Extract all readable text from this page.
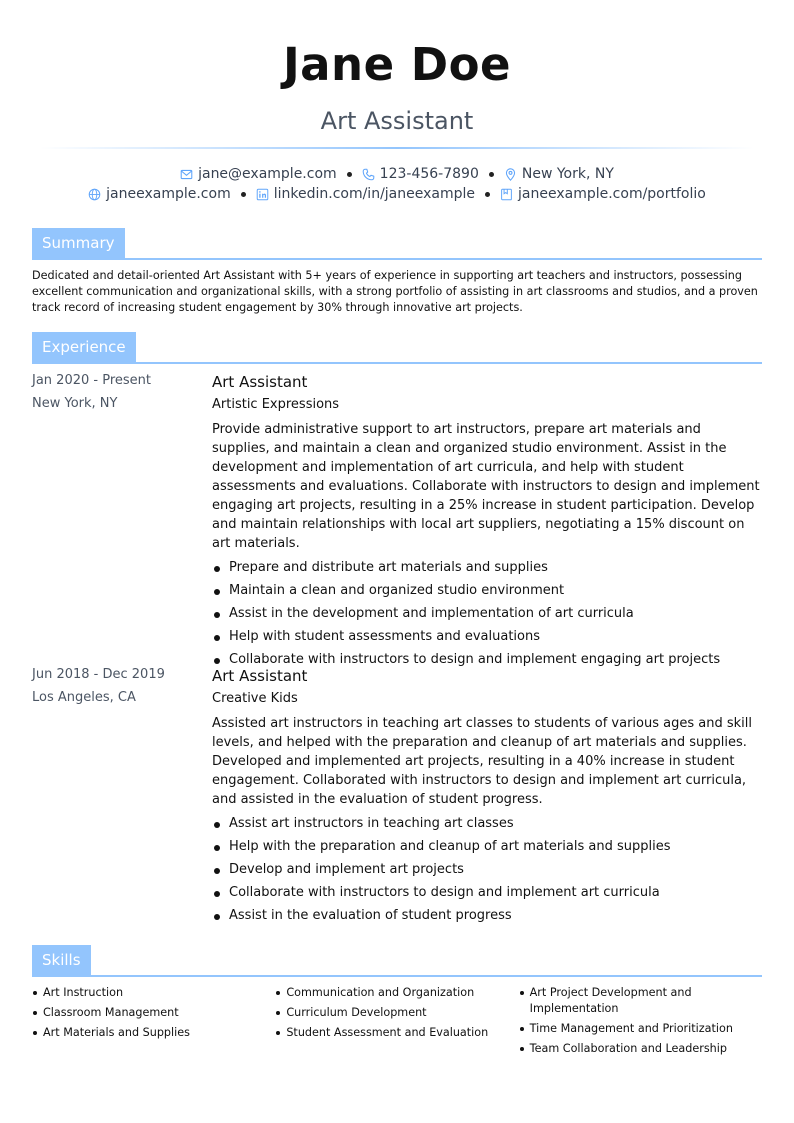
Jane Doe
Art Assistant
jane@example.com	123-456-7890	New York, NY
janeexample.com	linkedin.com/in/janeexample	janeexample.com/portfolio
Summary
Dedicated and detail-oriented Art Assistant with 5+ years of experience in supporting art teachers and instructors, possessing excellent communication and organizational skills, with a strong portfolio of assisting in art classrooms and studios, and a proven track record of increasing student engagement by 30% through innovative art projects.
Experience
Jan 2020 - Present
New York, NY
Art Assistant
Artistic Expressions
Provide administrative support to art instructors, prepare art materials and supplies, and maintain a clean and organized studio environment. Assist in the development and implementation of art curricula, and help with student assessments and evaluations. Collaborate with instructors to design and implement engaging art projects, resulting in a 25% increase in student participation. Develop and maintain relationships with local art suppliers, negotiating a 15% discount on art materials.
Prepare and distribute art materials and supplies
Maintain a clean and organized studio environment
Assist in the development and implementation of art curricula
Help with student assessments and evaluations
Collaborate with instructors to design and implement engaging art projects
Jun 2018 - Dec 2019
Los Angeles, CA
Art Assistant
Creative Kids
Assisted art instructors in teaching art classes to students of various ages and skill levels, and helped with the preparation and cleanup of art materials and supplies. Developed and implemented art projects, resulting in a 40% increase in student engagement. Collaborated with instructors to design and implement art curricula, and assisted in the evaluation of student progress.
Assist art instructors in teaching art classes
Help with the preparation and cleanup of art materials and supplies
Develop and implement art projects
Collaborate with instructors to design and implement art curricula
Assist in the evaluation of student progress
Skills
Art Instruction
Classroom Management
Art Materials and Supplies
Communication and Organization
Curriculum Development
Student Assessment and Evaluation
Art Project Development and Implementation
Time Management and Prioritization
Team Collaboration and Leadership
